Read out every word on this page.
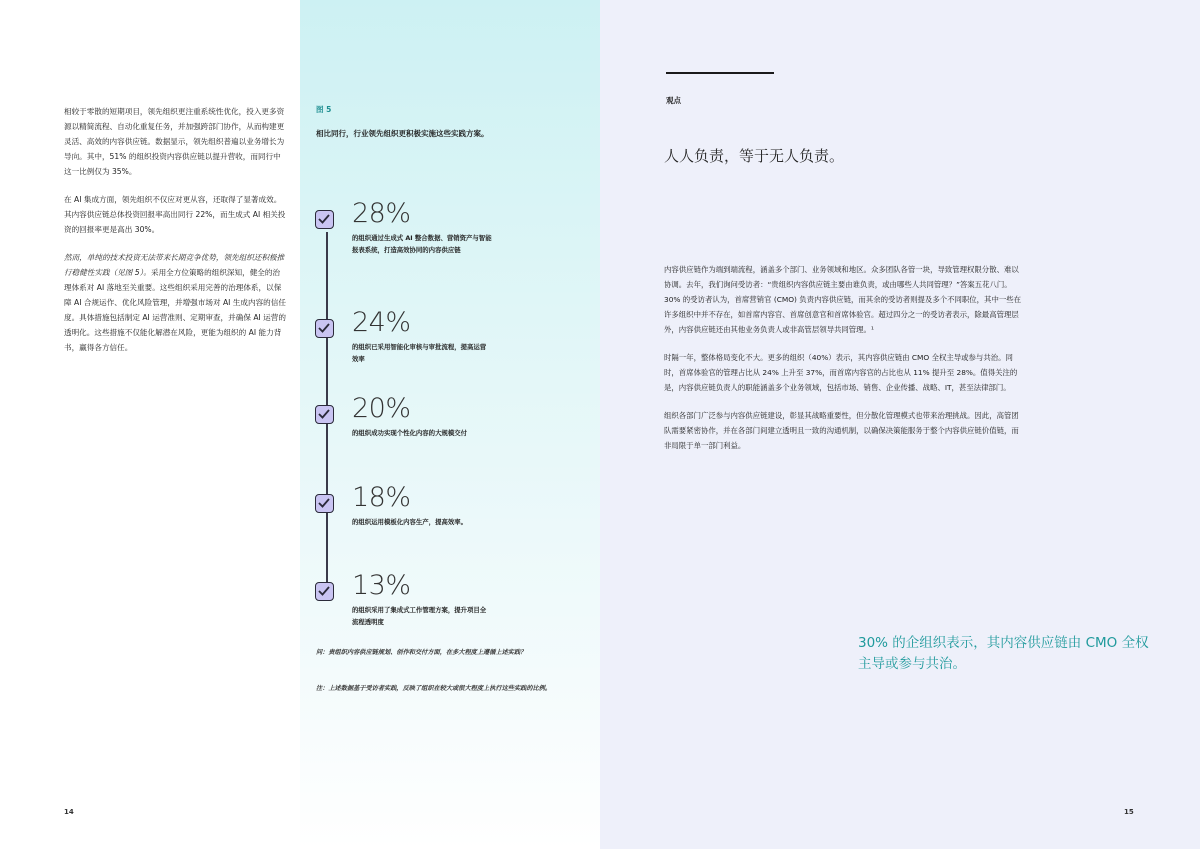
相较于零散的短期项目，领先组织更注重系统性优化，投入更多资源以精简流程、自动化重复任务，并加强跨部门协作，从而构建更灵活、高效的内容供应链。数据显示，领先组织普遍以业务增长为导向。其中，51% 的组织投资内容供应链以提升营收，而同行中这一比例仅为 35%。

在 AI 集成方面，领先组织不仅应对更从容，还取得了显著成效。其内容供应链总体投资回报率高出同行 22%，而生成式 AI 相关投资的回报率更是高出 30%。

然而，单纯的技术投资无法带来长期竞争优势，领先组织还积极推行稳健性实践（见图 5）。采用全方位策略的组织深知，健全的治理体系对 AI 落地至关重要。这些组织采用完善的治理体系，以保障 AI 合规运作、优化风险管理，并增强市场对 AI 生成内容的信任度。具体措施包括制定 AI 运营准则、定期审查，并确保 AI 运营的透明化。这些措施不仅能化解潜在风险，更能为组织的 AI 能力背书，赢得各方信任。

14
图 5
相比同行，行业领先组织更积极实施这些实践方案。
28%
的组织通过生成式 AI 整合数据、营销资产与智能报表系统，打造高效协同的内容供应链
24%
的组织已采用智能化审核与审批流程，提高运营效率
20%
的组织成功实现个性化内容的大规模交付
18%
的组织运用模板化内容生产，提高效率。
13%
的组织采用了集成式工作管理方案，提升项目全流程透明度
问：贵组织内容供应链规划、创作和交付方面，在多大程度上遵循上述实践？
注：上述数据基于受访者实践，反映了组织在较大或很大程度上执行这些实践的比例。
观点
人人负责，等于无人负责。

内容供应链作为端到端流程，涵盖多个部门、业务领域和地区。众多团队各管一块，导致管理权限分散、难以协调。去年，我们询问受访者：“贵组织内容供应链主要由谁负责，或由哪些人共同管理？”答案五花八门。30% 的受访者认为，首席营销官 (CMO) 负责内容供应链，而其余的受访者则提及多个不同职位，其中一些在许多组织中并不存在，如首席内容官、首席创意官和首席体验官。超过四分之一的受访者表示，除最高管理层外，内容供应链还由其他业务负责人或非高管层领导共同管理。¹

时隔一年，整体格局变化不大。更多的组织（40%）表示，其内容供应链由 CMO 全权主导或参与共治。同时，首席体验官的管理占比从 24% 上升至 37%，而首席内容官的占比也从 11% 提升至 28%。值得关注的是，内容供应链负责人的职能涵盖多个业务领域，包括市场、销售、企业传播、战略、IT，甚至法律部门。

组织各部门广泛参与内容供应链建设，彰显其战略重要性，但分散化管理模式也带来治理挑战。因此，高管团队需要紧密协作，并在各部门间建立透明且一致的沟通机制，以确保决策能服务于整个内容供应链价值链，而非局限于单一部门利益。

30% 的企组织表示，其内容供应链由 CMO 全权主导或参与共治。
15
